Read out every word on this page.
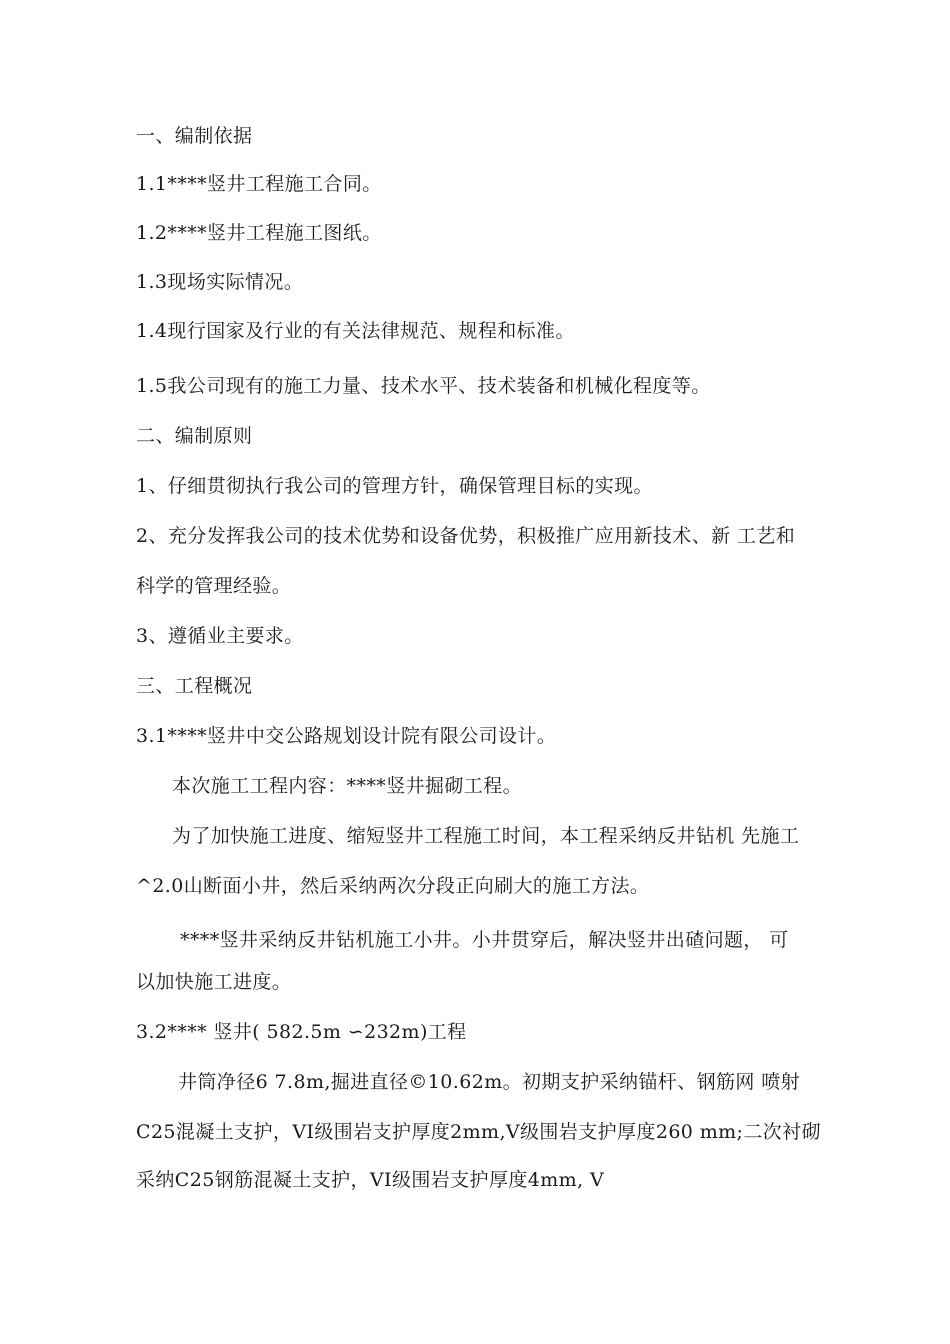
一、编制依据
1.1****竖井工程施工合同。
1.2****竖井工程施工图纸。
1.3现场实际情况。
1.4现行国家及行业的有关法律规范、规程和标准。
1.5我公司现有的施工力量、技术水平、技术装备和机械化程度等。
二、编制原则
1、仔细贯彻执行我公司的管理方针，确保管理目标的实现。
2、充分发挥我公司的技术优势和设备优势，积极推广应用新技术、新 工艺和
科学的管理经验。
3、遵循业主要求。
三、工程概况
3.1****竖井中交公路规划设计院有限公司设计。
本次施工工程内容：****竖井掘砌工程。
为了加快施工进度、缩短竖井工程施工时间，本工程采纳反井钻机 先施工
^2.0山断面小井，然后采纳两次分段正向刷大的施工方法。
****竖井采纳反井钻机施工小井。小井贯穿后，解决竖井出碴问题， 可
以加快施工进度。
3.2**** 竖井( 582.5m ∽232m)工程
井筒净径6 7.8m,掘进直径©10.62m。初期支护采纳锚杆、钢筋网 喷射
C25混凝土支护，VI级围岩支护厚度2mm,V级围岩支护厚度260 mm;二次衬砌
采纳C25钢筋混凝土支护，VI级围岩支护厚度4mm, V
